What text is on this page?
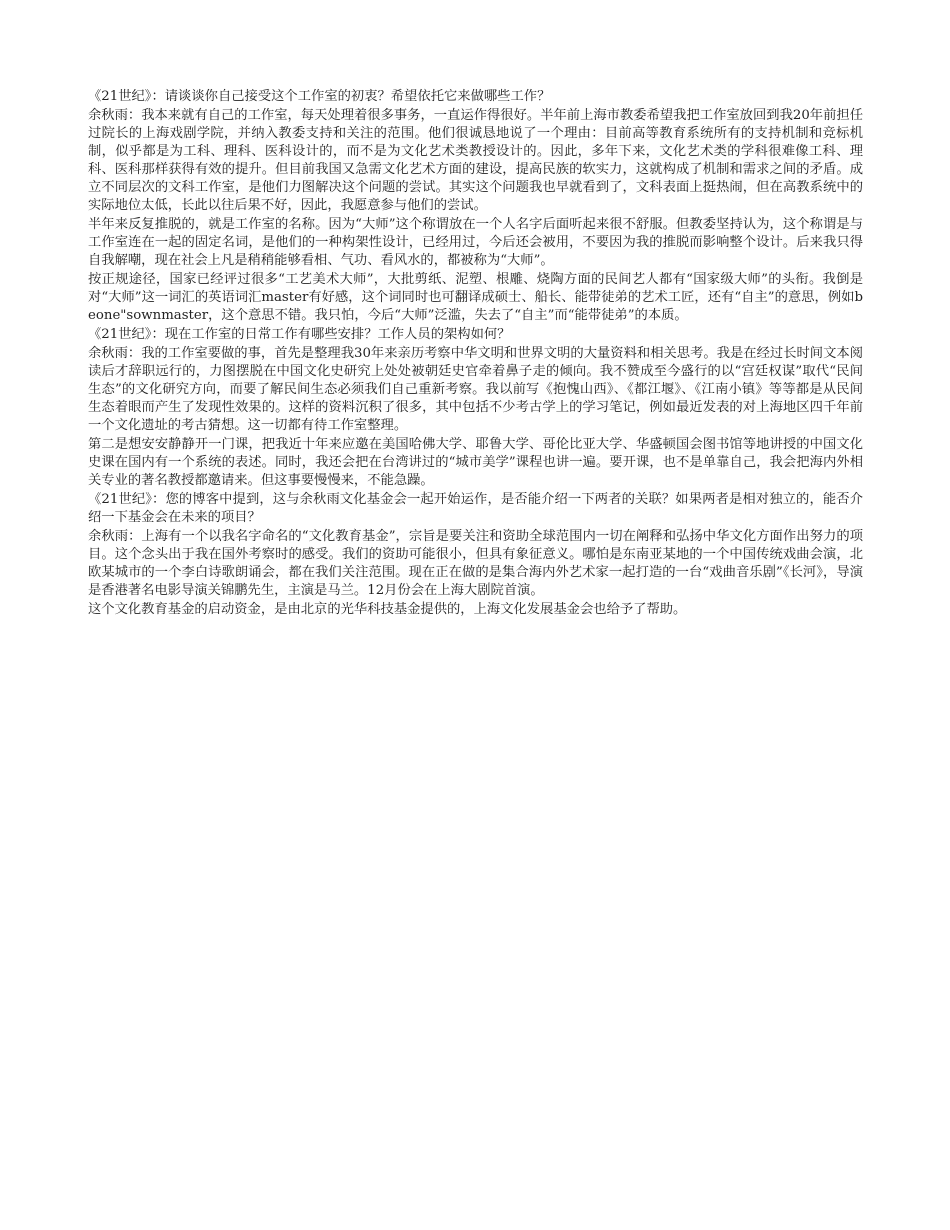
《21世纪》：请谈谈你自己接受这个工作室的初衷？希望依托它来做哪些工作？

余秋雨：我本来就有自己的工作室，每天处理着很多事务，一直运作得很好。半年前上海市教委希望我把工作室放回到我20年前担任过院长的上海戏剧学院，并纳入教委支持和关注的范围。他们很诚恳地说了一个理由：目前高等教育系统所有的支持机制和竞标机制，似乎都是为工科、理科、医科设计的，而不是为文化艺术类教授设计的。因此，多年下来，文化艺术类的学科很难像工科、理科、医科那样获得有效的提升。但目前我国又急需文化艺术方面的建设，提高民族的软实力，这就构成了机制和需求之间的矛盾。成立不同层次的文科工作室，是他们力图解决这个问题的尝试。其实这个问题我也早就看到了，文科表面上挺热闹，但在高教系统中的实际地位太低，长此以往后果不好，因此，我愿意参与他们的尝试。

半年来反复推脱的，就是工作室的名称。因为“大师”这个称谓放在一个人名字后面听起来很不舒服。但教委坚持认为，这个称谓是与工作室连在一起的固定名词，是他们的一种构架性设计，已经用过，今后还会被用，不要因为我的推脱而影响整个设计。后来我只得自我解嘲，现在社会上凡是稍稍能够看相、气功、看风水的，都被称为“大师”。

按正规途径，国家已经评过很多“工艺美术大师”，大批剪纸、泥塑、根雕、烧陶方面的民间艺人都有“国家级大师”的头衔。我倒是对“大师”这一词汇的英语词汇master有好感，这个词同时也可翻译成硕士、船长、能带徒弟的艺术工匠，还有“自主”的意思，例如beone"sownmaster，这个意思不错。我只怕，今后“大师”泛滥，失去了“自主”而“能带徒弟”的本质。

《21世纪》：现在工作室的日常工作有哪些安排？工作人员的架构如何？

余秋雨：我的工作室要做的事，首先是整理我30年来亲历考察中华文明和世界文明的大量资料和相关思考。我是在经过长时间文本阅读后才辞职远行的，力图摆脱在中国文化史研究上处处被朝廷史官牵着鼻子走的倾向。我不赞成至今盛行的以“宫廷权谋”取代“民间生态”的文化研究方向，而要了解民间生态必须我们自己重新考察。我以前写《抱愧山西》、《都江堰》、《江南小镇》等等都是从民间生态着眼而产生了发现性效果的。这样的资料沉积了很多，其中包括不少考古学上的学习笔记，例如最近发表的对上海地区四千年前一个文化遗址的考古猜想。这一切都有待工作室整理。

第二是想安安静静开一门课，把我近十年来应邀在美国哈佛大学、耶鲁大学、哥伦比亚大学、华盛顿国会图书馆等地讲授的中国文化史课在国内有一个系统的表述。同时，我还会把在台湾讲过的“城市美学”课程也讲一遍。要开课，也不是单靠自己，我会把海内外相关专业的著名教授都邀请来。但这事要慢慢来，不能急躁。

《21世纪》：您的博客中提到，这与余秋雨文化基金会一起开始运作，是否能介绍一下两者的关联？如果两者是相对独立的，能否介绍一下基金会在未来的项目？

余秋雨：上海有一个以我名字命名的“文化教育基金”，宗旨是要关注和资助全球范围内一切在阐释和弘扬中华文化方面作出努力的项目。这个念头出于我在国外考察时的感受。我们的资助可能很小，但具有象征意义。哪怕是东南亚某地的一个中国传统戏曲会演，北欧某城市的一个李白诗歌朗诵会，都在我们关注范围。现在正在做的是集合海内外艺术家一起打造的一台“戏曲音乐剧”《长河》，导演是香港著名电影导演关锦鹏先生，主演是马兰。12月份会在上海大剧院首演。

这个文化教育基金的启动资金，是由北京的光华科技基金提供的，上海文化发展基金会也给予了帮助。
